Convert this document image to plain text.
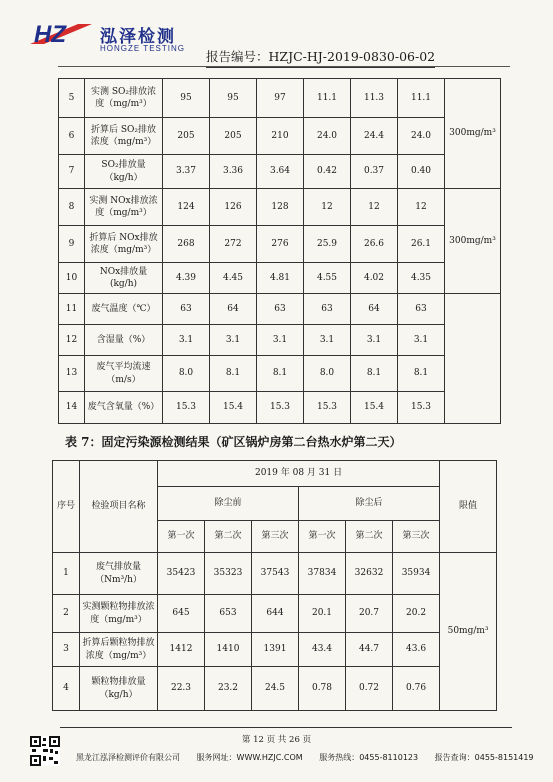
HZ 泓泽检测
HONGZE TESTING
报告编号：HZJC-HJ-2019-0830-06-02
5	实测 SO₂排放浓度（mg/m³）	95	95	97	11.1	11.3	11.1	300mg/m³
6	折算后 SO₂排放浓度（mg/m³）	205	205	210	24.0	24.4	24.0	
7	SO₂排放量（kg/h）	3.37	3.36	3.64	0.42	0.37	0.40	
8	实测 NOx排放浓度（mg/m³）	124	126	128	12	12	12	300mg/m³
9	折算后 NOx排放浓度（mg/m³）	268	272	276	25.9	26.6	26.1	
10	NOx排放量(kg/h)	4.39	4.45	4.81	4.55	4.02	4.35	
11	废气温度（℃）	63	64	63	63	64	63	
12	含湿量（%）	3.1	3.1	3.1	3.1	3.1	3.1	
13	废气平均流速（m/s）	8.0	8.1	8.1	8.0	8.1	8.1	
14	废气含氧量（%）	15.3	15.4	15.3	15.3	15.4	15.3	
表 7：固定污染源检测结果（矿区锅炉房第二台热水炉第二天）
序号	检验项目名称	2019 年 08 月 31 日						限值
		除尘前			除尘后			
		第一次	第二次	第三次	第一次	第二次	第三次	
1	废气排放量（Nm³/h）	35423	35323	37543	37834	32632	35934	50mg/m³
2	实测颗粒物排放浓度（mg/m³）	645	653	644	20.1	20.7	20.2	
3	折算后颗粒物排放浓度（mg/m³）	1412	1410	1391	43.4	44.7	43.6	
4	颗粒物排放量（kg/h）	22.3	23.2	24.5	0.78	0.72	0.76	
第 12 页 共 26 页
黑龙江泓泽检测评价有限公司 服务网址：WWW.HZJC.COM 服务热线：0455-8110123 报告查询：0455-8151419
